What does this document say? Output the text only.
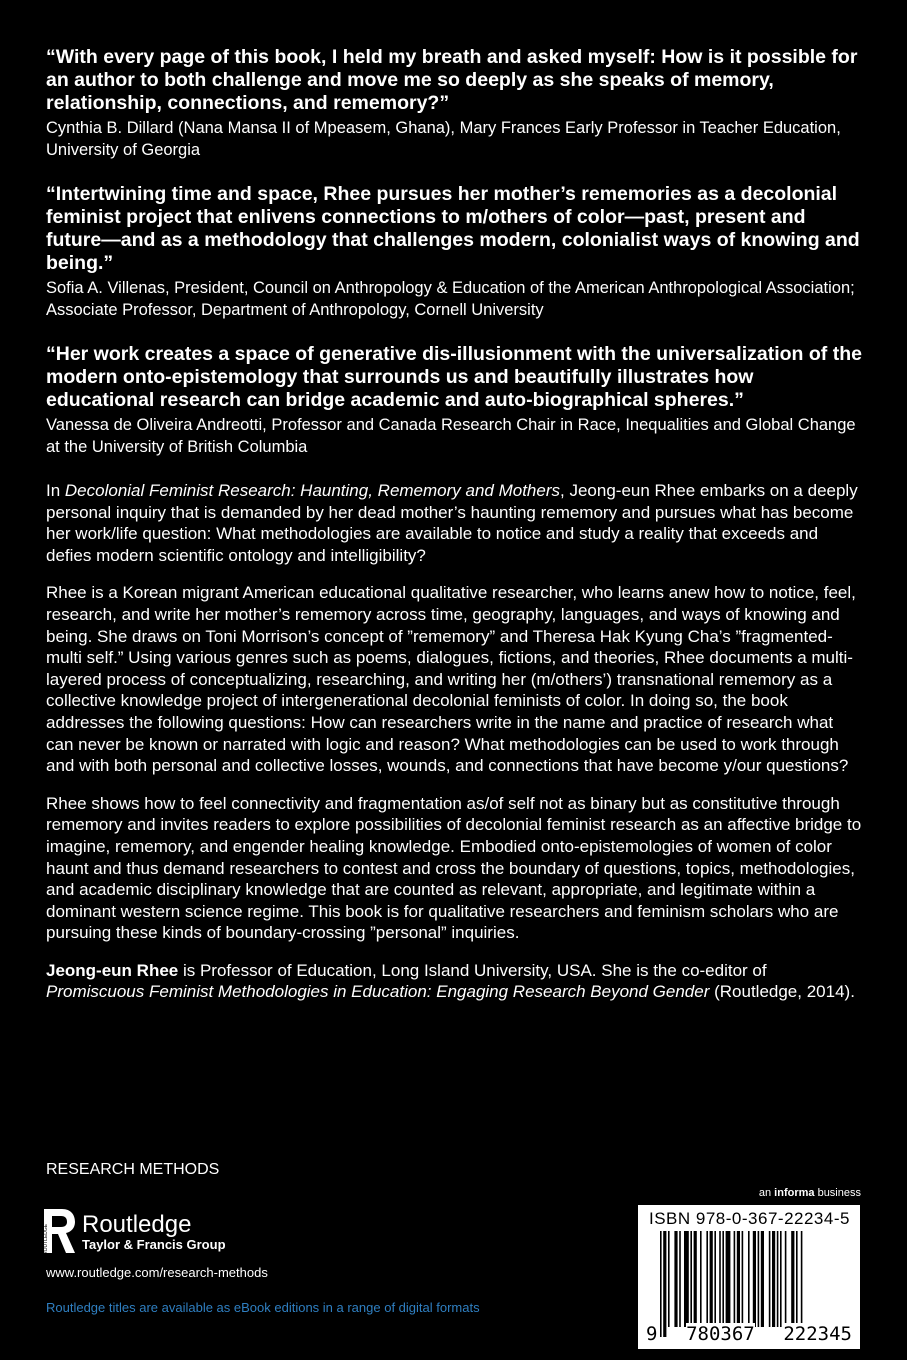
“With every page of this book, I held my breath and asked myself: How is it possible for an author to both challenge and move me so deeply as she speaks of memory, relationship, connections, and rememory?”

Cynthia B. Dillard (Nana Mansa II of Mpeasem, Ghana), Mary Frances Early Professor in Teacher Education, University of Georgia

“Intertwining time and space, Rhee pursues her mother’s rememories as a decolonial feminist project that enlivens connections to m/others of color—past, present and future—and as a methodology that challenges modern, colonialist ways of knowing and being.”

Sofia A. Villenas, President, Council on Anthropology & Education of the American Anthropological Association; Associate Professor, Department of Anthropology, Cornell University

“Her work creates a space of generative dis-illusionment with the universalization of the modern onto-epistemology that surrounds us and beautifully illustrates how educational research can bridge academic and auto-biographical spheres.”

Vanessa de Oliveira Andreotti, Professor and Canada Research Chair in Race, Inequalities and Global Change at the University of British Columbia

In Decolonial Feminist Research: Haunting, Rememory and Mothers, Jeong-eun Rhee embarks on a deeply personal inquiry that is demanded by her dead mother’s haunting rememory and pursues what has become her work/life question: What methodologies are available to notice and study a reality that exceeds and defies modern scientific ontology and intelligibility?

Rhee is a Korean migrant American educational qualitative researcher, who learns anew how to notice, feel, research, and write her mother’s rememory across time, geography, languages, and ways of knowing and being. She draws on Toni Morrison’s concept of ”rememory” and Theresa Hak Kyung Cha’s ”fragmented-multi self.” Using various genres such as poems, dialogues, fictions, and theories, Rhee documents a multi-layered process of conceptualizing, researching, and writing her (m/others’) transnational rememory as a collective knowledge project of intergenerational decolonial feminists of color. In doing so, the book addresses the following questions: How can researchers write in the name and practice of research what can never be known or narrated with logic and reason? What methodologies can be used to work through and with both personal and collective losses, wounds, and connections that have become y/our questions?

Rhee shows how to feel connectivity and fragmentation as/of self not as binary but as constitutive through rememory and invites readers to explore possibilities of decolonial feminist research as an affective bridge to imagine, rememory, and engender healing knowledge. Embodied onto-epistemologies of women of color haunt and thus demand researchers to contest and cross the boundary of questions, topics, methodologies, and academic disciplinary knowledge that are counted as relevant, appropriate, and legitimate within a dominant western science regime. This book is for qualitative researchers and feminism scholars who are pursuing these kinds of boundary-crossing ”personal” inquiries.

Jeong-eun Rhee is Professor of Education, Long Island University, USA. She is the co-editor of Promiscuous Feminist Methodologies in Education: Engaging Research Beyond Gender (Routledge, 2014).

RESEARCH METHODS
ROUTLEDGE Routledge
Taylor & Francis Group
www.routledge.com/research-methods
Routledge titles are available as eBook editions in a range of digital formats
an informa business
ISBN 978-0-367-22234-5
9 780367 222345
